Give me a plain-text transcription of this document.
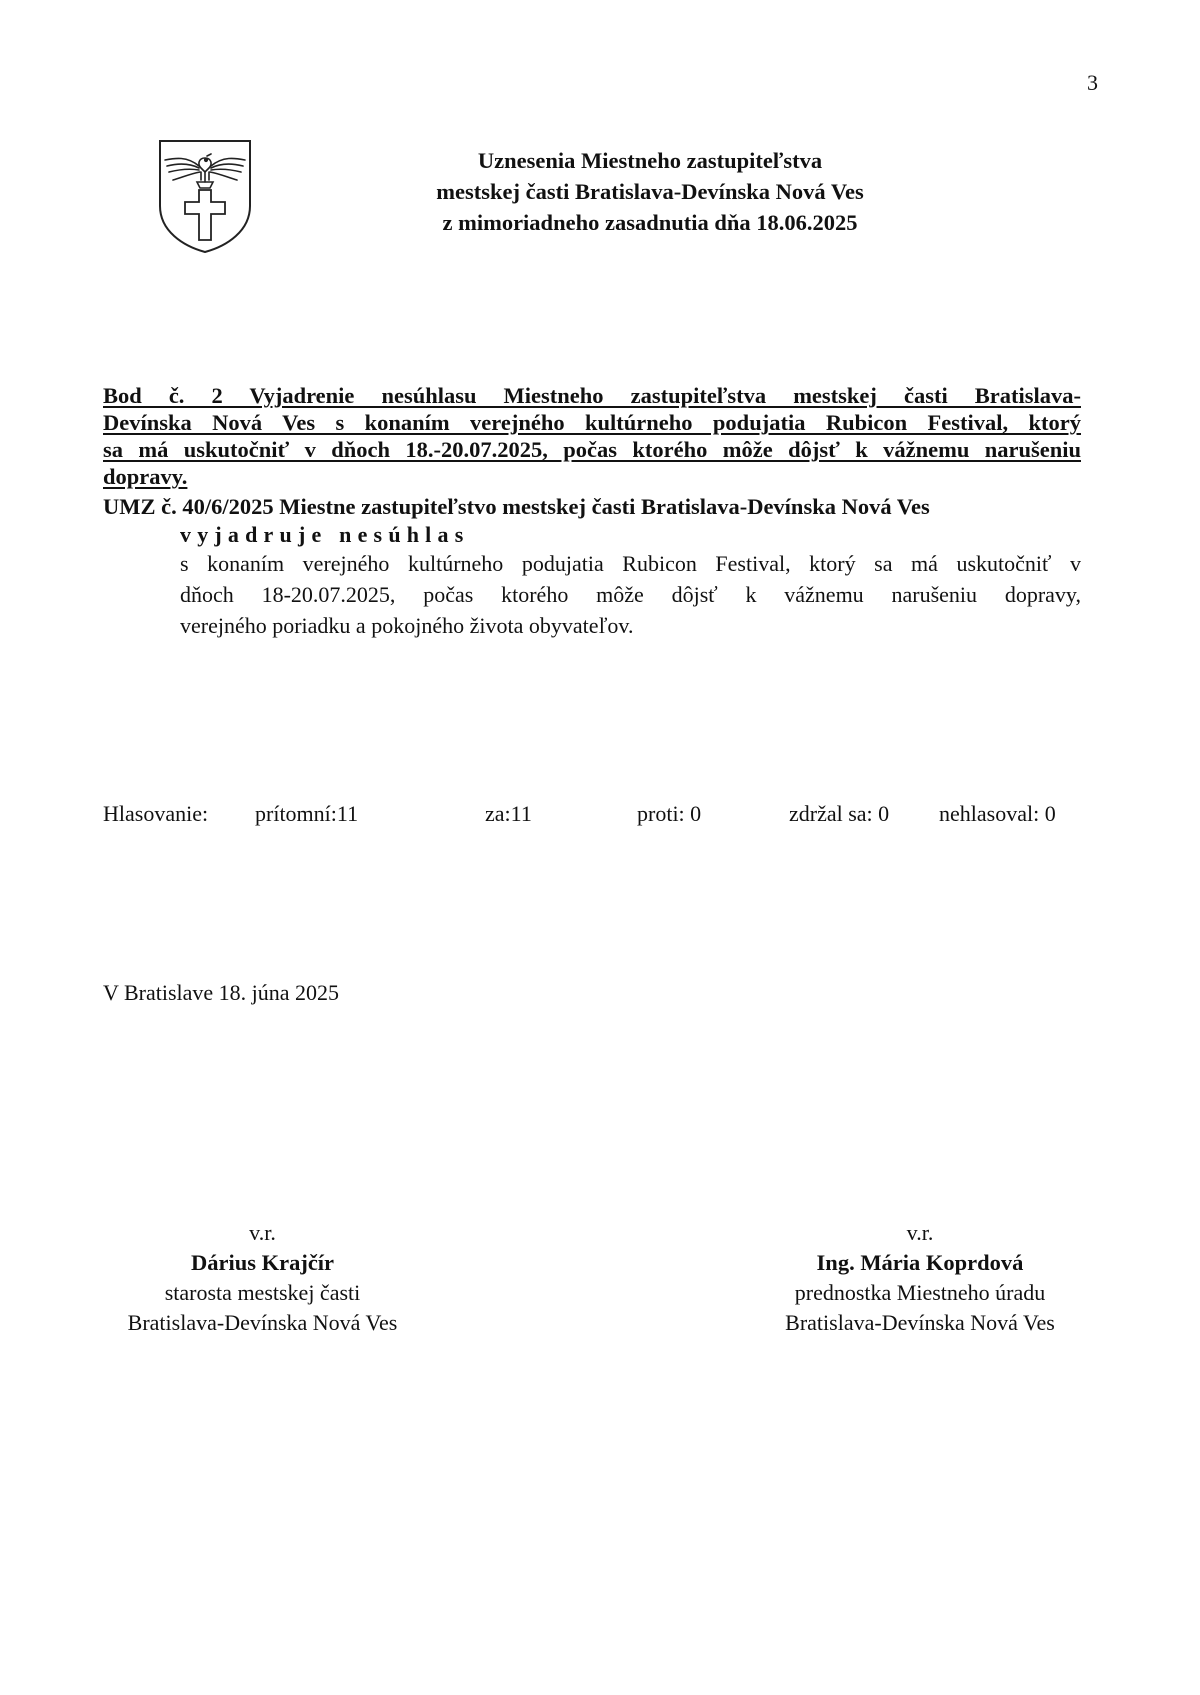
3
Uznesenia Miestneho zastupiteľstva
mestskej časti Bratislava-Devínska Nová Ves
z mimoriadneho zasadnutia dňa 18.06.2025
Bod č. 2 Vyjadrenie nesúhlasu Miestneho zastupiteľstva mestskej časti Bratislava-
Devínska Nová Ves s konaním verejného kultúrneho podujatia Rubicon Festival, ktorý
sa má uskutočniť v dňoch 18.-20.07.2025, počas ktorého môže dôjsť k vážnemu narušeniu
dopravy.
UMZ č. 40/6/2025 Miestne zastupiteľstvo mestskej časti Bratislava-Devínska Nová Ves
vyjadruje nesúhlas
s konaním verejného kultúrneho podujatia Rubicon Festival, ktorý sa má uskutočniť v
dňoch 18-20.07.2025, počas ktorého môže dôjsť k vážnemu narušeniu dopravy,
verejného poriadku a pokojného života obyvateľov.
Hlasovanie: prítomní:11	za:11	proti: 0	zdržal sa: 0 nehlasoval: 0
V Bratislave 18. júna 2025
v.r.
Dárius Krajčír
starosta mestskej časti
Bratislava-Devínska Nová Ves
v.r.
Ing. Mária Koprdová
prednostka Miestneho úradu
Bratislava-Devínska Nová Ves
